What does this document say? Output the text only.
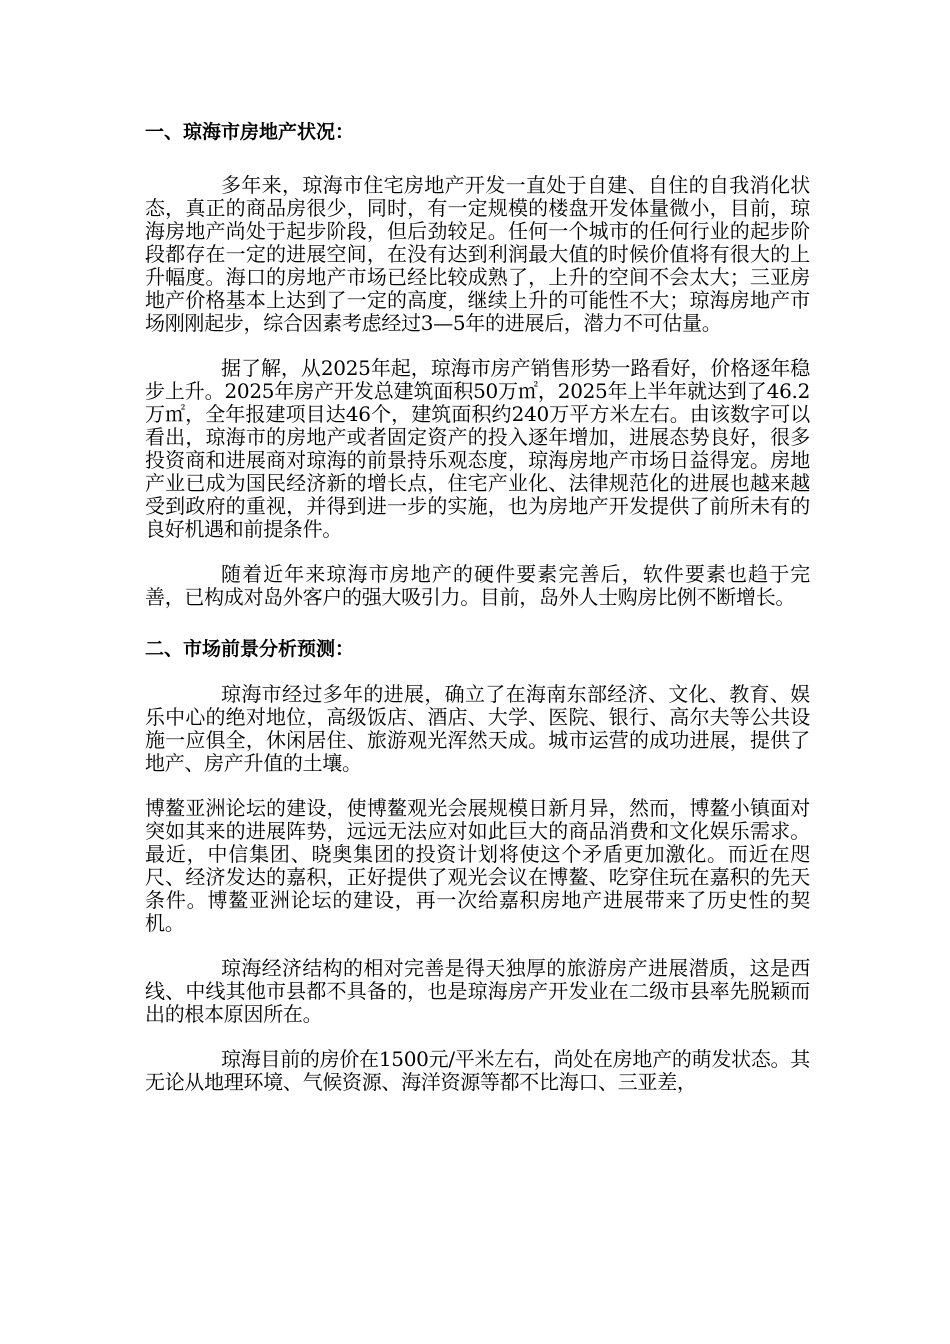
一、琼海市房地产状况：

多年来，琼海市住宅房地产开发一直处于自建、自住的自我消化状态，真正的商品房很少，同时，有一定规模的楼盘开发体量微小，目前，琼海房地产尚处于起步阶段，但后劲较足。任何一个城市的任何行业的起步阶段都存在一定的进展空间，在没有达到利润最大值的时候价值将有很大的上升幅度。海口的房地产市场已经比较成熟了，上升的空间不会太大；三亚房地产价格基本上达到了一定的高度，继续上升的可能性不大；琼海房地产市场刚刚起步，综合因素考虑经过3—5年的进展后，潜力不可估量。

据了解，从2025年起，琼海市房产销售形势一路看好，价格逐年稳步上升。2025年房产开发总建筑面积50万㎡，2025年上半年就达到了46.2万㎡，全年报建项目达46个，建筑面积约240万平方米左右。由该数字可以看出，琼海市的房地产或者固定资产的投入逐年增加，进展态势良好，很多投资商和进展商对琼海的前景持乐观态度，琼海房地产市场日益得宠。房地产业已成为国民经济新的增长点，住宅产业化、法律规范化的进展也越来越受到政府的重视，并得到进一步的实施，也为房地产开发提供了前所未有的良好机遇和前提条件。

随着近年来琼海市房地产的硬件要素完善后，软件要素也趋于完善，已构成对岛外客户的强大吸引力。目前，岛外人士购房比例不断增长。

二、市场前景分析预测：

琼海市经过多年的进展，确立了在海南东部经济、文化、教育、娱乐中心的绝对地位，高级饭店、酒店、大学、医院、银行、高尔夫等公共设施一应俱全，休闲居住、旅游观光浑然天成。城市运营的成功进展，提供了地产、房产升值的土壤。

博鳌亚洲论坛的建设，使博鳌观光会展规模日新月异，然而，博鳌小镇面对突如其来的进展阵势，远远无法应对如此巨大的商品消费和文化娱乐需求。最近，中信集团、晓奥集团的投资计划将使这个矛盾更加激化。而近在咫尺、经济发达的嘉积，正好提供了观光会议在博鳌、吃穿住玩在嘉积的先天条件。博鳌亚洲论坛的建设，再一次给嘉积房地产进展带来了历史性的契机。

琼海经济结构的相对完善是得天独厚的旅游房产进展潜质，这是西线、中线其他市县都不具备的，也是琼海房产开发业在二级市县率先脱颖而出的根本原因所在。

琼海目前的房价在1500元/平米左右，尚处在房地产的萌发状态。其无论从地理环境、气候资源、海洋资源等都不比海口、三亚差，
